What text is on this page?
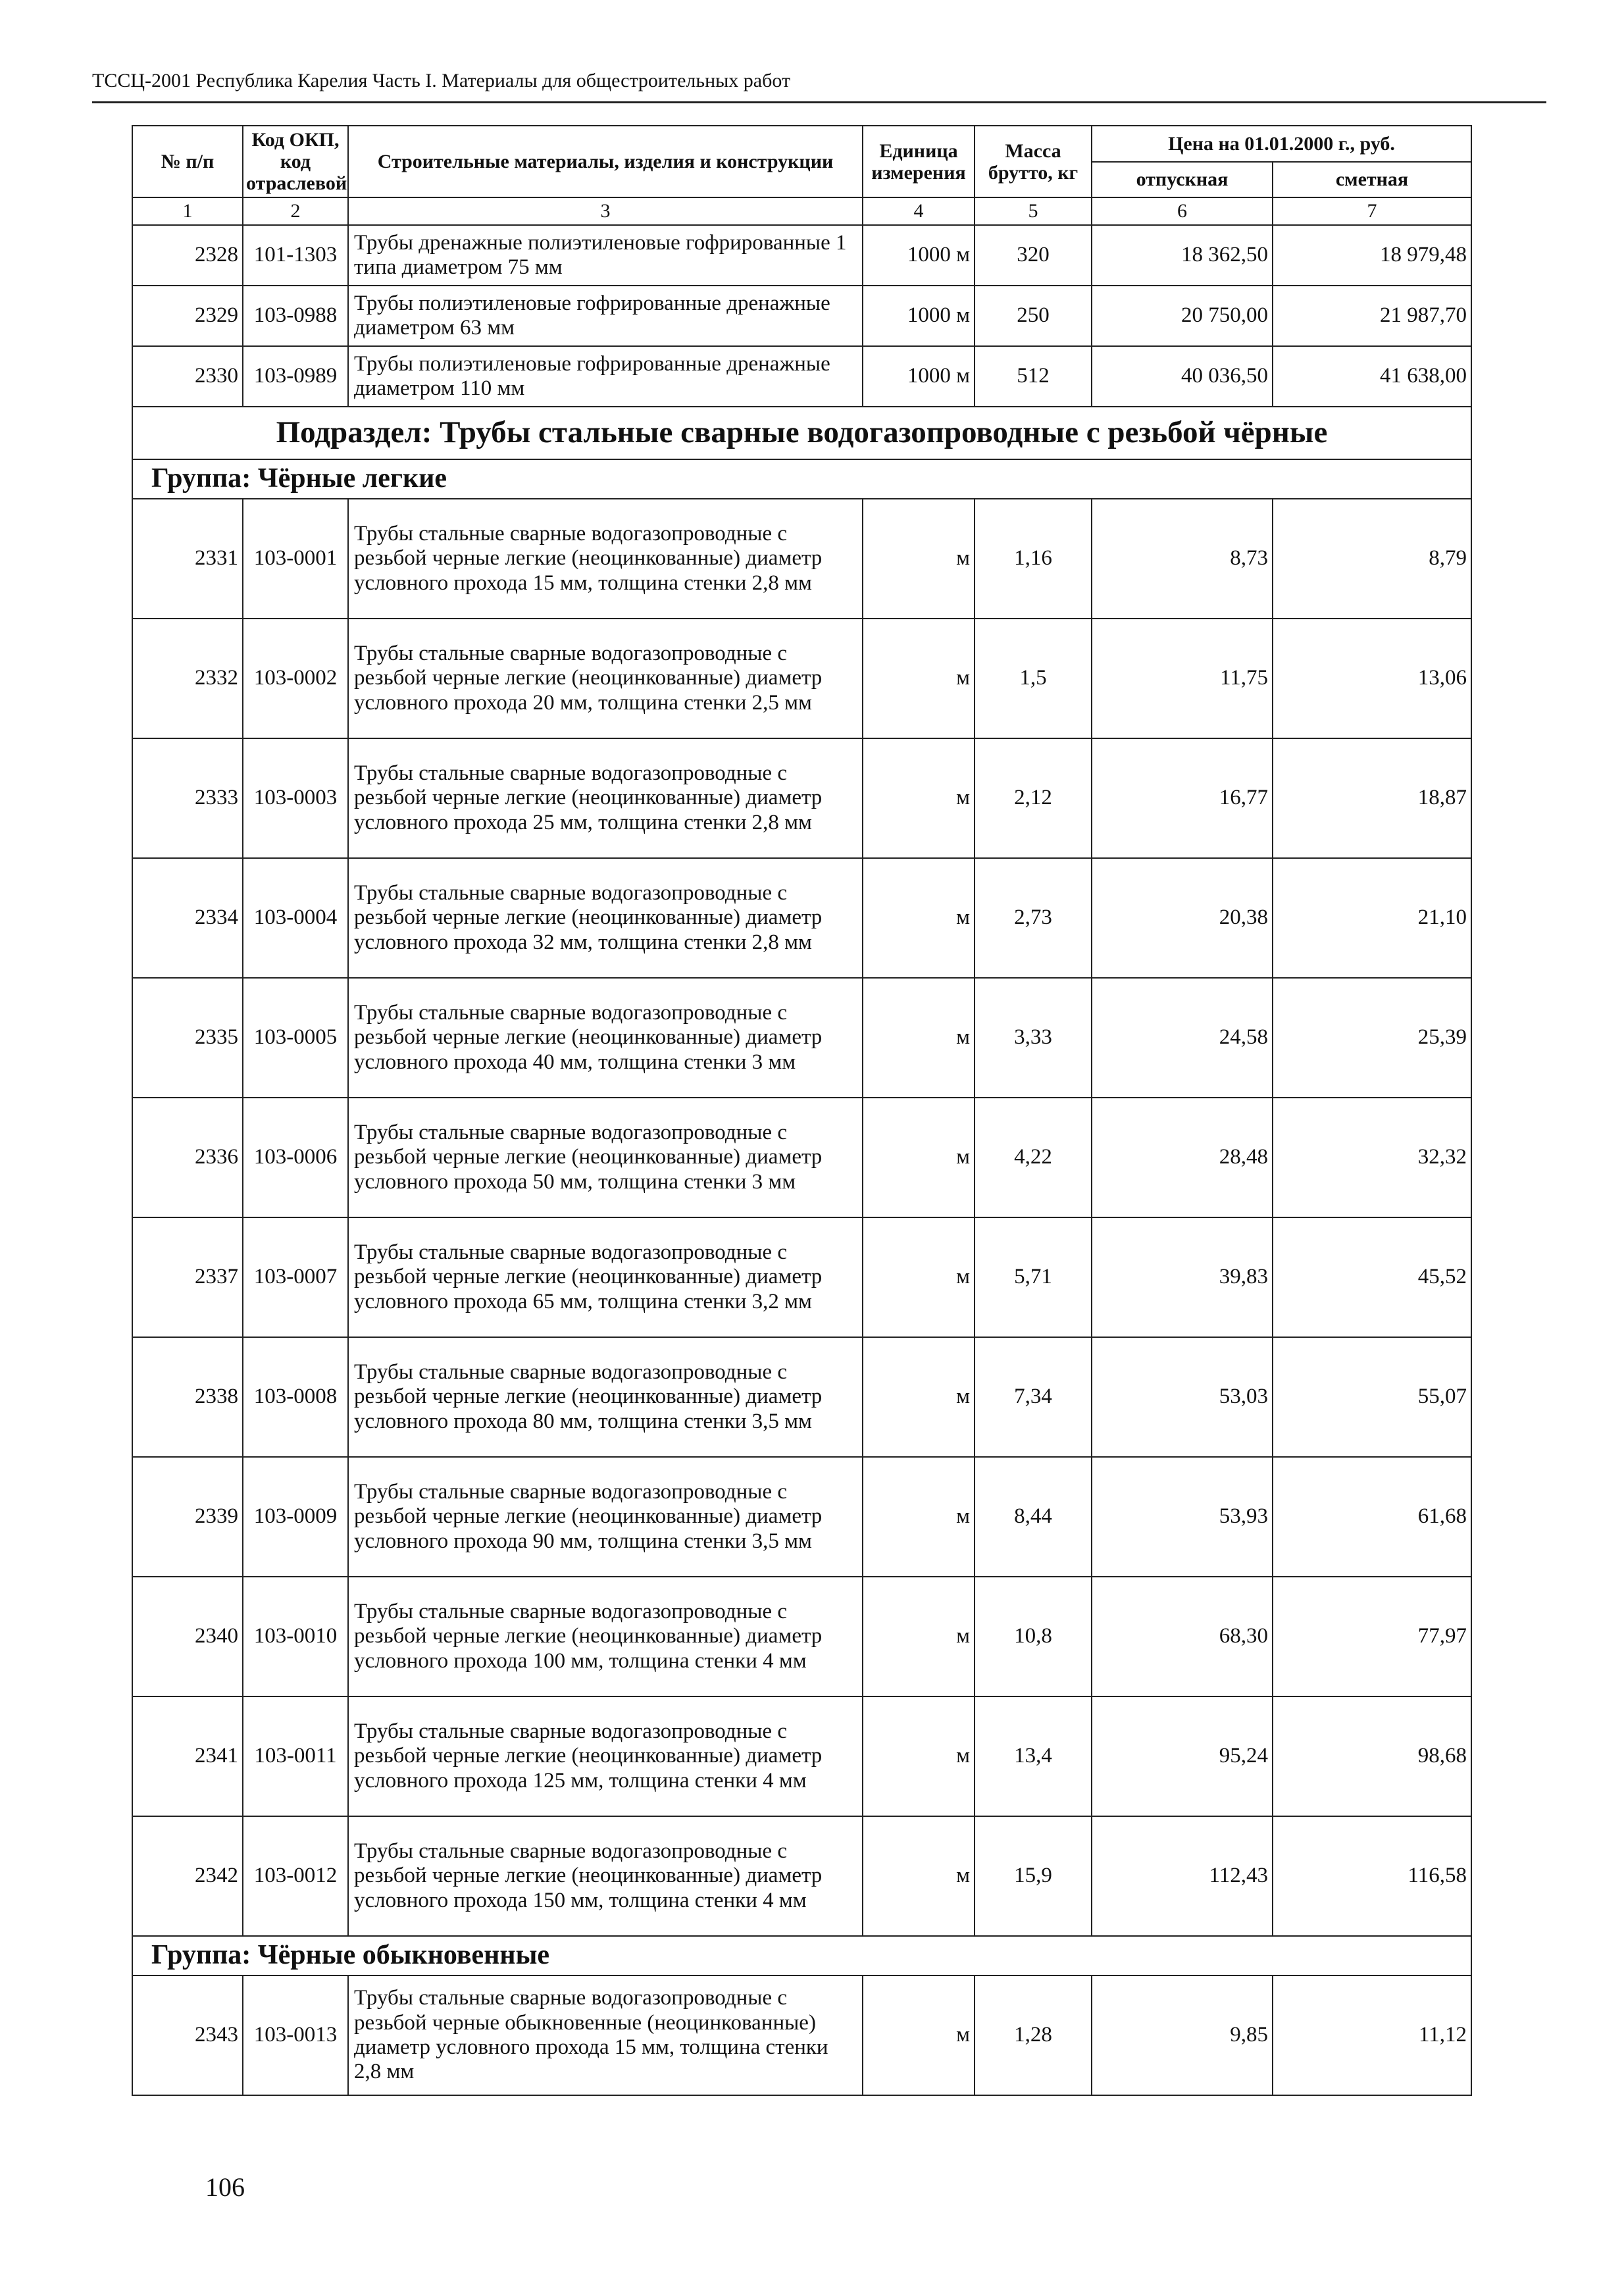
ТССЦ-2001 Республика Карелия Часть I. Материалы для общестроительных работ
№ п/п	Код ОКП, код отраслевой	Строительные материалы, изделия и конструкции	Единица измерения	Масса брутто, кг	Цена на 01.01.2000 г., руб.	
					отпускная	сметная
1	2	3	4	5	6	7
2328	101-1303	Трубы дренажные полиэтиленовые гофрированные 1 типа диаметром 75 мм	1000 м	320	18 362,50	18 979,48
2329	103-0988	Трубы полиэтиленовые гофрированные дренажные диаметром 63 мм	1000 м	250	20 750,00	21 987,70
2330	103-0989	Трубы полиэтиленовые гофрированные дренажные диаметром 110 мм	1000 м	512	40 036,50	41 638,00
Подраздел: Трубы стальные сварные водогазопроводные с резьбой чёрные						
Группа: Чёрные легкие						
2331	103-0001	Трубы стальные сварные водогазопроводные с резьбой черные легкие (неоцинкованные) диаметр условного прохода 15 мм, толщина стенки 2,8 мм	м	1,16	8,73	8,79
2332	103-0002	Трубы стальные сварные водогазопроводные с резьбой черные легкие (неоцинкованные) диаметр условного прохода 20 мм, толщина стенки 2,5 мм	м	1,5	11,75	13,06
2333	103-0003	Трубы стальные сварные водогазопроводные с резьбой черные легкие (неоцинкованные) диаметр условного прохода 25 мм, толщина стенки 2,8 мм	м	2,12	16,77	18,87
2334	103-0004	Трубы стальные сварные водогазопроводные с резьбой черные легкие (неоцинкованные) диаметр условного прохода 32 мм, толщина стенки 2,8 мм	м	2,73	20,38	21,10
2335	103-0005	Трубы стальные сварные водогазопроводные с резьбой черные легкие (неоцинкованные) диаметр условного прохода 40 мм, толщина стенки 3 мм	м	3,33	24,58	25,39
2336	103-0006	Трубы стальные сварные водогазопроводные с резьбой черные легкие (неоцинкованные) диаметр условного прохода 50 мм, толщина стенки 3 мм	м	4,22	28,48	32,32
2337	103-0007	Трубы стальные сварные водогазопроводные с резьбой черные легкие (неоцинкованные) диаметр условного прохода 65 мм, толщина стенки 3,2 мм	м	5,71	39,83	45,52
2338	103-0008	Трубы стальные сварные водогазопроводные с резьбой черные легкие (неоцинкованные) диаметр условного прохода 80 мм, толщина стенки 3,5 мм	м	7,34	53,03	55,07
2339	103-0009	Трубы стальные сварные водогазопроводные с резьбой черные легкие (неоцинкованные) диаметр условного прохода 90 мм, толщина стенки 3,5 мм	м	8,44	53,93	61,68
2340	103-0010	Трубы стальные сварные водогазопроводные с резьбой черные легкие (неоцинкованные) диаметр условного прохода 100 мм, толщина стенки 4 мм	м	10,8	68,30	77,97
2341	103-0011	Трубы стальные сварные водогазопроводные с резьбой черные легкие (неоцинкованные) диаметр условного прохода 125 мм, толщина стенки 4 мм	м	13,4	95,24	98,68
2342	103-0012	Трубы стальные сварные водогазопроводные с резьбой черные легкие (неоцинкованные) диаметр условного прохода 150 мм, толщина стенки 4 мм	м	15,9	112,43	116,58
Группа: Чёрные обыкновенные						
2343	103-0013	Трубы стальные сварные водогазопроводные с резьбой черные обыкновенные (неоцинкованные) диаметр условного прохода 15 мм, толщина стенки 2,8 мм	м	1,28	9,85	11,12
106
